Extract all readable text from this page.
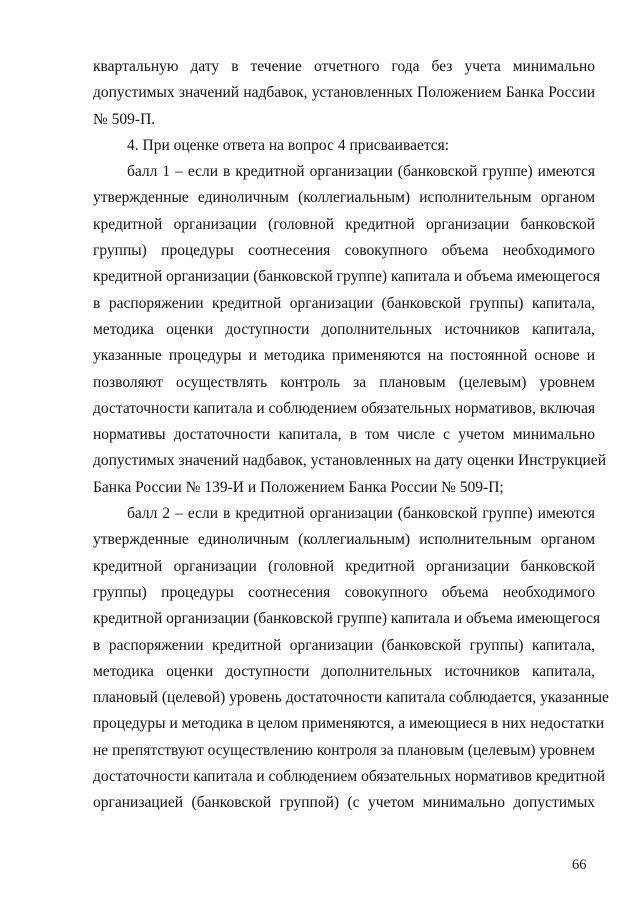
квартальную дату в течение отчетного года без учета минимально
допустимых значений надбавок, установленных Положением Банка России
№ 509-П.

4. При оценке ответа на вопрос 4 присваивается:

балл 1 – если в кредитной организации (банковской группе) имеются
утвержденные единоличным (коллегиальным) исполнительным органом
кредитной организации (головной кредитной организации банковской
группы) процедуры соотнесения совокупного объема необходимого
кредитной организации (банковской группе) капитала и объема имеющегося
в распоряжении кредитной организации (банковской группы) капитала,
методика оценки доступности дополнительных источников капитала,
указанные процедуры и методика применяются на постоянной основе и
позволяют осуществлять контроль за плановым (целевым) уровнем
достаточности капитала и соблюдением обязательных нормативов, включая
нормативы достаточности капитала, в том числе с учетом минимально
допустимых значений надбавок, установленных на дату оценки Инструкцией
Банка России № 139-И и Положением Банка России № 509-П;

балл 2 – если в кредитной организации (банковской группе) имеются
утвержденные единоличным (коллегиальным) исполнительным органом
кредитной организации (головной кредитной организации банковской
группы) процедуры соотнесения совокупного объема необходимого
кредитной организации (банковской группе) капитала и объема имеющегося
в распоряжении кредитной организации (банковской группы) капитала,
методика оценки доступности дополнительных источников капитала,
плановый (целевой) уровень достаточности капитала соблюдается, указанные
процедуры и методика в целом применяются, а имеющиеся в них недостатки
не препятствуют осуществлению контроля за плановым (целевым) уровнем
достаточности капитала и соблюдением обязательных нормативов кредитной
организацией (банковской группой) (с учетом минимально допустимых

66
